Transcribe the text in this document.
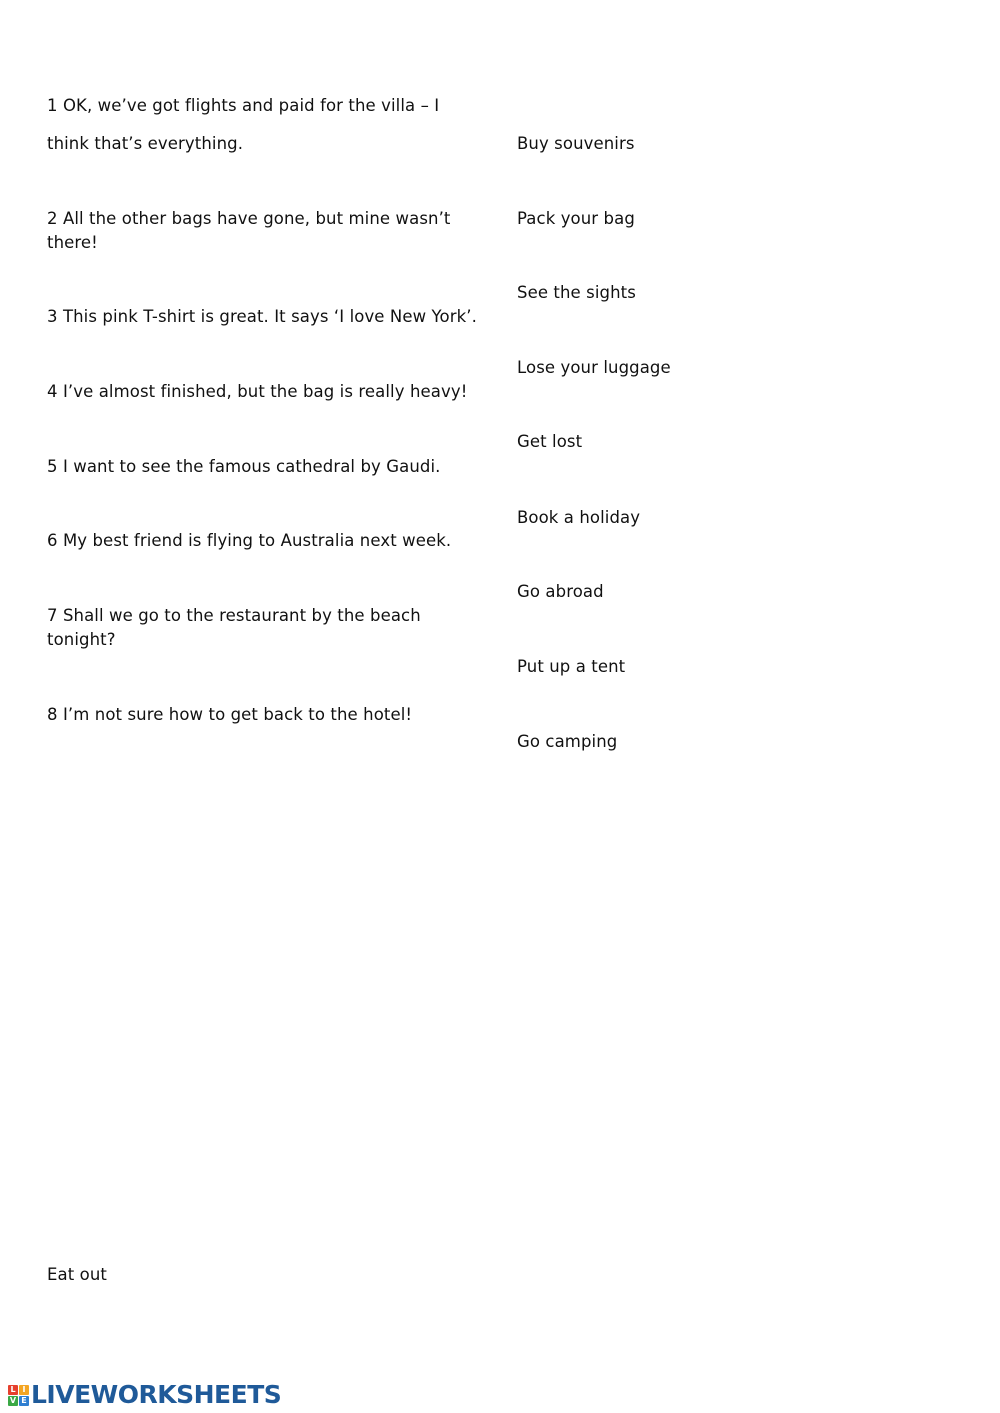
1 OK, we’ve got flights and paid for the villa – I
think that’s everything.
2 All the other bags have gone, but mine wasn’t there!
3 This pink T-shirt is great. It says ‘I love New York’.
4 I’ve almost finished, but the bag is really heavy!
5 I want to see the famous cathedral by Gaudi.
6 My best friend is flying to Australia next week.
7 Shall we go to the restaurant by the beach tonight?
8 I’m not sure how to get back to the hotel!
Buy souvenirs
Pack your bag
See the sights
Lose your luggage
Get lost
Book a holiday
Go abroad
Put up a tent
Go camping
Eat out
L I
V E LIVEWORKSHEETS
